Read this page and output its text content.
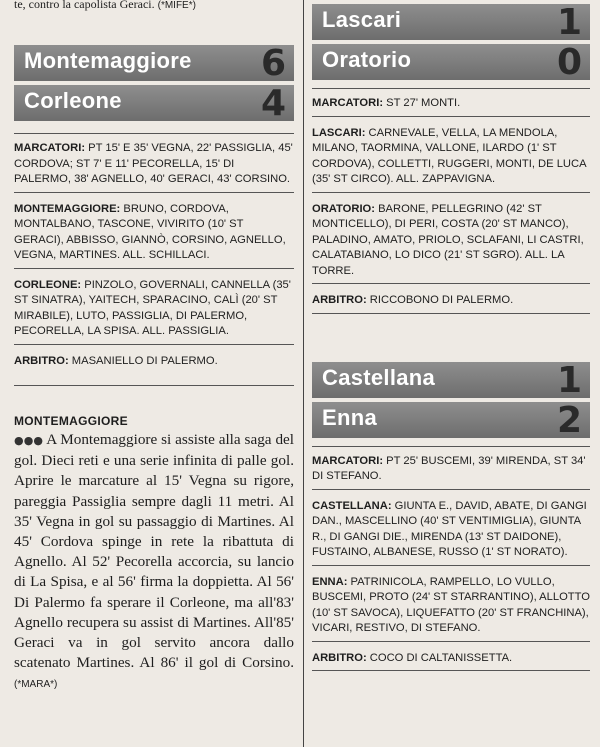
te, contro la capolista Geraci. (*MIFE*)
Montemaggiore 6
Corleone	4
MARCATORI: PT 15' E 35' VEGNA, 22' PASSIGLIA, 45' CORDOVA; ST 7' E 11' PECORELLA, 15' DI PALERMO, 38' AGNELLO, 40' GERACI, 43' CORSINO.
MONTEMAGGIORE: BRUNO, CORDOVA, MONTALBANO, TASCONE, VIVIRITO (10' ST GERACI), ABBISSO, GIANNÒ, CORSINO, AGNELLO, VEGNA, MARTINES. ALL. SCHILLACI.
CORLEONE: PINZOLO, GOVERNALI, CANNELLA (35' ST SINATRA), YAITECH, SPARACINO, CALÌ (20' ST MIRABILE), LUTO, PASSIGLIA, DI PALERMO, PECORELLA, LA SPISA. ALL. PASSIGLIA.
ARBITRO: MASANIELLO DI PALERMO.
MONTEMAGGIORE
●●● A Montemaggiore si assiste alla saga del gol. Dieci reti e una serie infinita di palle gol. Aprire le marcature al 15' Vegna su rigore, pareggia Passiglia sempre dagli 11 metri. Al 35' Vegna in gol su passaggio di Martines. Al 45' Cordova spinge in rete la ribattuta di Agnello. Al 52' Pecorella accorcia, su lancio di La Spisa, e al 56' firma la doppietta. Al 56' Di Palermo fa sperare il Corleone, ma all'83' Agnello recupera su assist di Martines. All'85' Geraci va in gol servito ancora dallo scatenato Martines. Al 86' il gol di Corsino. (*MARA*)
Lascari	1
Oratorio	0
MARCATORI: ST 27' MONTI.
LASCARI: CARNEVALE, VELLA, LA MENDOLA, MILANO, TAORMINA, VALLONE, ILARDO (1' ST CORDOVA), COLLETTI, RUGGERI, MONTI, DE LUCA (35' ST CIRCO). ALL. ZAPPAVIGNA.
ORATORIO: BARONE, PELLEGRINO (42' ST MONTICELLO), DI PERI, COSTA (20' ST MANCO), PALADINO, AMATO, PRIOLO, SCLAFANI, LI CASTRI, CALATABIANO, LO DICO (21' ST SGRO). ALL. LA TORRE.
ARBITRO: RICCOBONO DI PALERMO.
Castellana	1
Enna	2
MARCATORI: PT 25' BUSCEMI, 39' MIRENDA, ST 34' DI STEFANO.
CASTELLANA: GIUNTA E., DAVID, ABATE, DI GANGI DAN., MASCELLINO (40' ST VENTIMIGLIA), GIUNTA R., DI GANGI DIE., MIRENDA (13' ST DAIDONE), FUSTAINO, ALBANESE, RUSSO (1' ST NORATO).
ENNA: PATRINICOLA, RAMPELLO, LO VULLO, BUSCEMI, PROTO (24' ST STARRANTINO), ALLOTTO (10' ST SAVOCA), LIQUEFATTO (20' ST FRANCHINA), VICARI, RESTIVO, DI STEFANO.
ARBITRO: COCO DI CALTANISSETTA.
